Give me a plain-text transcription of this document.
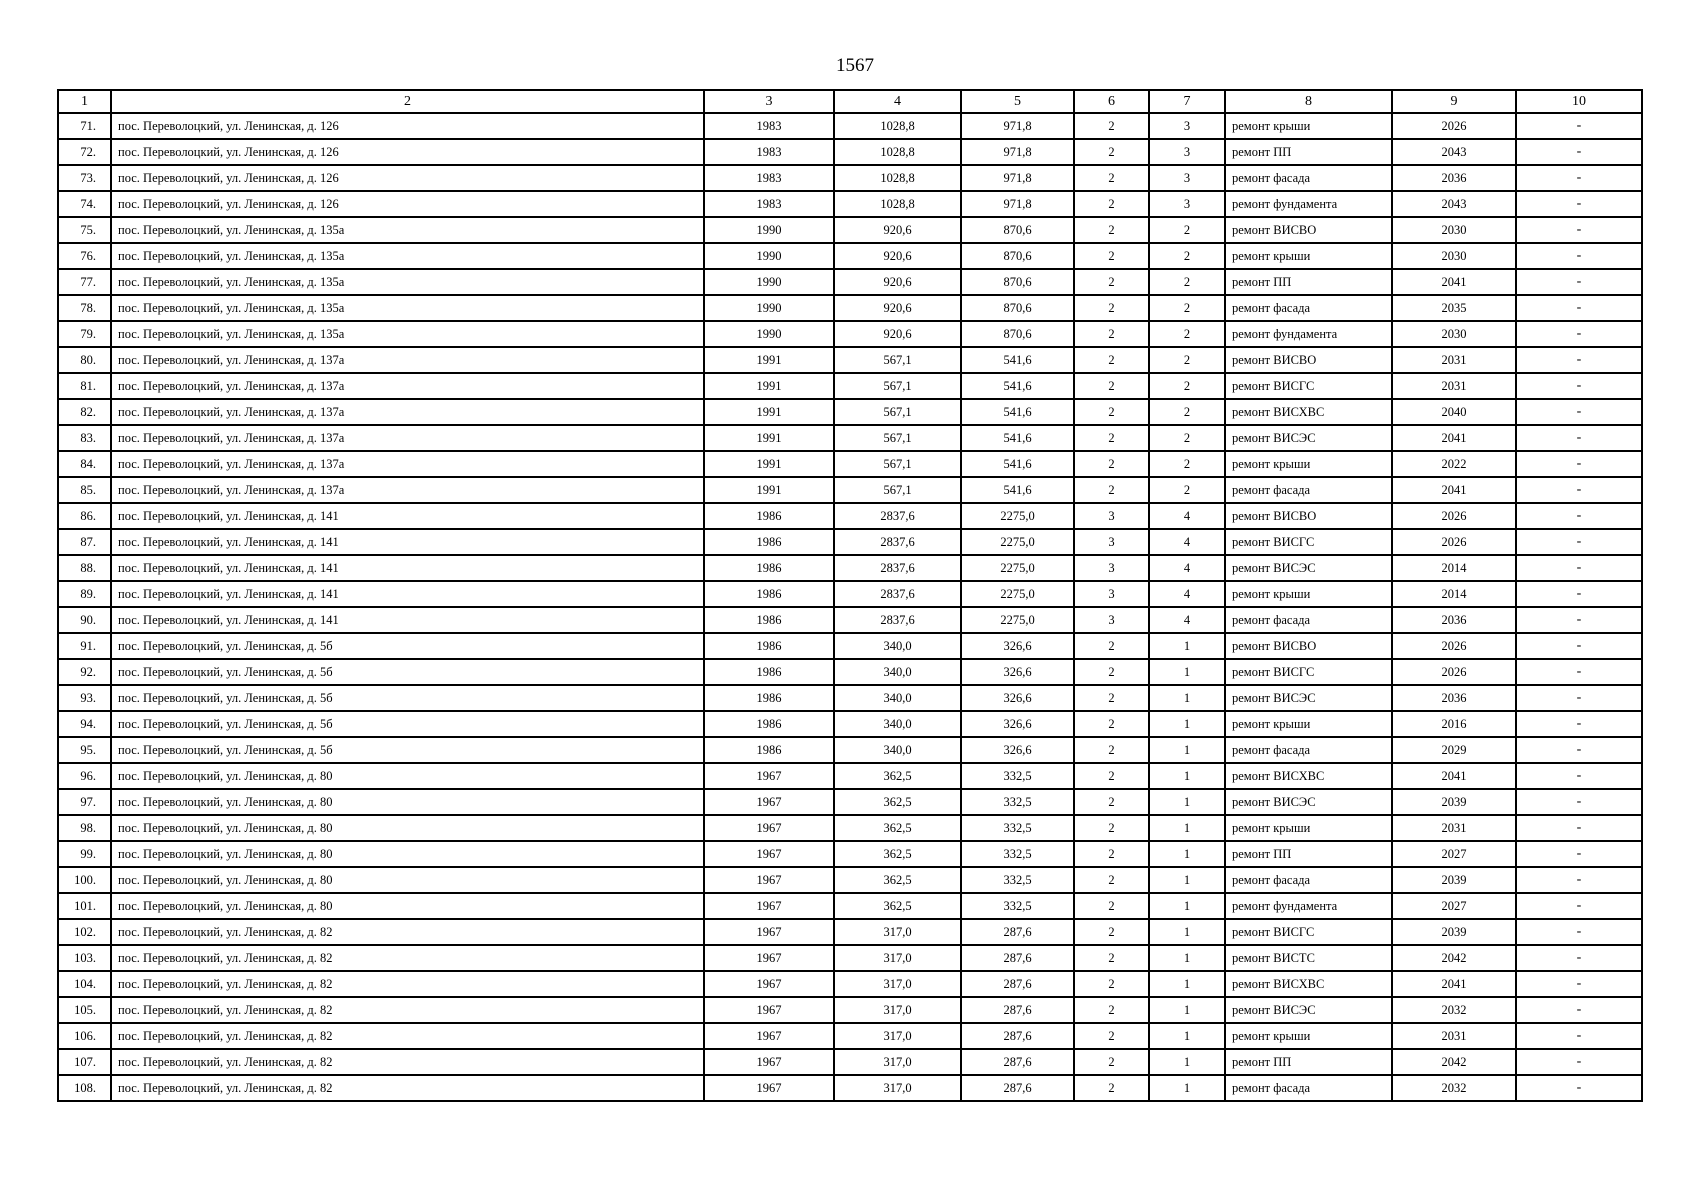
1567
1	2	3	4	5	6	7	8	9	10
71.	пос. Переволоцкий, ул. Ленинская, д. 126	1983	1028,8	971,8	2	3	ремонт крыши	2026	-
72.	пос. Переволоцкий, ул. Ленинская, д. 126	1983	1028,8	971,8	2	3	ремонт ПП	2043	-
73.	пос. Переволоцкий, ул. Ленинская, д. 126	1983	1028,8	971,8	2	3	ремонт фасада	2036	-
74.	пос. Переволоцкий, ул. Ленинская, д. 126	1983	1028,8	971,8	2	3	ремонт фундамента	2043	-
75.	пос. Переволоцкий, ул. Ленинская, д. 135а	1990	920,6	870,6	2	2	ремонт ВИСВО	2030	-
76.	пос. Переволоцкий, ул. Ленинская, д. 135а	1990	920,6	870,6	2	2	ремонт крыши	2030	-
77.	пос. Переволоцкий, ул. Ленинская, д. 135а	1990	920,6	870,6	2	2	ремонт ПП	2041	-
78.	пос. Переволоцкий, ул. Ленинская, д. 135а	1990	920,6	870,6	2	2	ремонт фасада	2035	-
79.	пос. Переволоцкий, ул. Ленинская, д. 135а	1990	920,6	870,6	2	2	ремонт фундамента	2030	-
80.	пос. Переволоцкий, ул. Ленинская, д. 137а	1991	567,1	541,6	2	2	ремонт ВИСВО	2031	-
81.	пос. Переволоцкий, ул. Ленинская, д. 137а	1991	567,1	541,6	2	2	ремонт ВИСГС	2031	-
82.	пос. Переволоцкий, ул. Ленинская, д. 137а	1991	567,1	541,6	2	2	ремонт ВИСХВС	2040	-
83.	пос. Переволоцкий, ул. Ленинская, д. 137а	1991	567,1	541,6	2	2	ремонт ВИСЭС	2041	-
84.	пос. Переволоцкий, ул. Ленинская, д. 137а	1991	567,1	541,6	2	2	ремонт крыши	2022	-
85.	пос. Переволоцкий, ул. Ленинская, д. 137а	1991	567,1	541,6	2	2	ремонт фасада	2041	-
86.	пос. Переволоцкий, ул. Ленинская, д. 141	1986	2837,6	2275,0	3	4	ремонт ВИСВО	2026	-
87.	пос. Переволоцкий, ул. Ленинская, д. 141	1986	2837,6	2275,0	3	4	ремонт ВИСГС	2026	-
88.	пос. Переволоцкий, ул. Ленинская, д. 141	1986	2837,6	2275,0	3	4	ремонт ВИСЭС	2014	-
89.	пос. Переволоцкий, ул. Ленинская, д. 141	1986	2837,6	2275,0	3	4	ремонт крыши	2014	-
90.	пос. Переволоцкий, ул. Ленинская, д. 141	1986	2837,6	2275,0	3	4	ремонт фасада	2036	-
91.	пос. Переволоцкий, ул. Ленинская, д. 5б	1986	340,0	326,6	2	1	ремонт ВИСВО	2026	-
92.	пос. Переволоцкий, ул. Ленинская, д. 5б	1986	340,0	326,6	2	1	ремонт ВИСГС	2026	-
93.	пос. Переволоцкий, ул. Ленинская, д. 5б	1986	340,0	326,6	2	1	ремонт ВИСЭС	2036	-
94.	пос. Переволоцкий, ул. Ленинская, д. 5б	1986	340,0	326,6	2	1	ремонт крыши	2016	-
95.	пос. Переволоцкий, ул. Ленинская, д. 5б	1986	340,0	326,6	2	1	ремонт фасада	2029	-
96.	пос. Переволоцкий, ул. Ленинская, д. 80	1967	362,5	332,5	2	1	ремонт ВИСХВС	2041	-
97.	пос. Переволоцкий, ул. Ленинская, д. 80	1967	362,5	332,5	2	1	ремонт ВИСЭС	2039	-
98.	пос. Переволоцкий, ул. Ленинская, д. 80	1967	362,5	332,5	2	1	ремонт крыши	2031	-
99.	пос. Переволоцкий, ул. Ленинская, д. 80	1967	362,5	332,5	2	1	ремонт ПП	2027	-
100.	пос. Переволоцкий, ул. Ленинская, д. 80	1967	362,5	332,5	2	1	ремонт фасада	2039	-
101.	пос. Переволоцкий, ул. Ленинская, д. 80	1967	362,5	332,5	2	1	ремонт фундамента	2027	-
102.	пос. Переволоцкий, ул. Ленинская, д. 82	1967	317,0	287,6	2	1	ремонт ВИСГС	2039	-
103.	пос. Переволоцкий, ул. Ленинская, д. 82	1967	317,0	287,6	2	1	ремонт ВИСТС	2042	-
104.	пос. Переволоцкий, ул. Ленинская, д. 82	1967	317,0	287,6	2	1	ремонт ВИСХВС	2041	-
105.	пос. Переволоцкий, ул. Ленинская, д. 82	1967	317,0	287,6	2	1	ремонт ВИСЭС	2032	-
106.	пос. Переволоцкий, ул. Ленинская, д. 82	1967	317,0	287,6	2	1	ремонт крыши	2031	-
107.	пос. Переволоцкий, ул. Ленинская, д. 82	1967	317,0	287,6	2	1	ремонт ПП	2042	-
108.	пос. Переволоцкий, ул. Ленинская, д. 82	1967	317,0	287,6	2	1	ремонт фасада	2032	-
